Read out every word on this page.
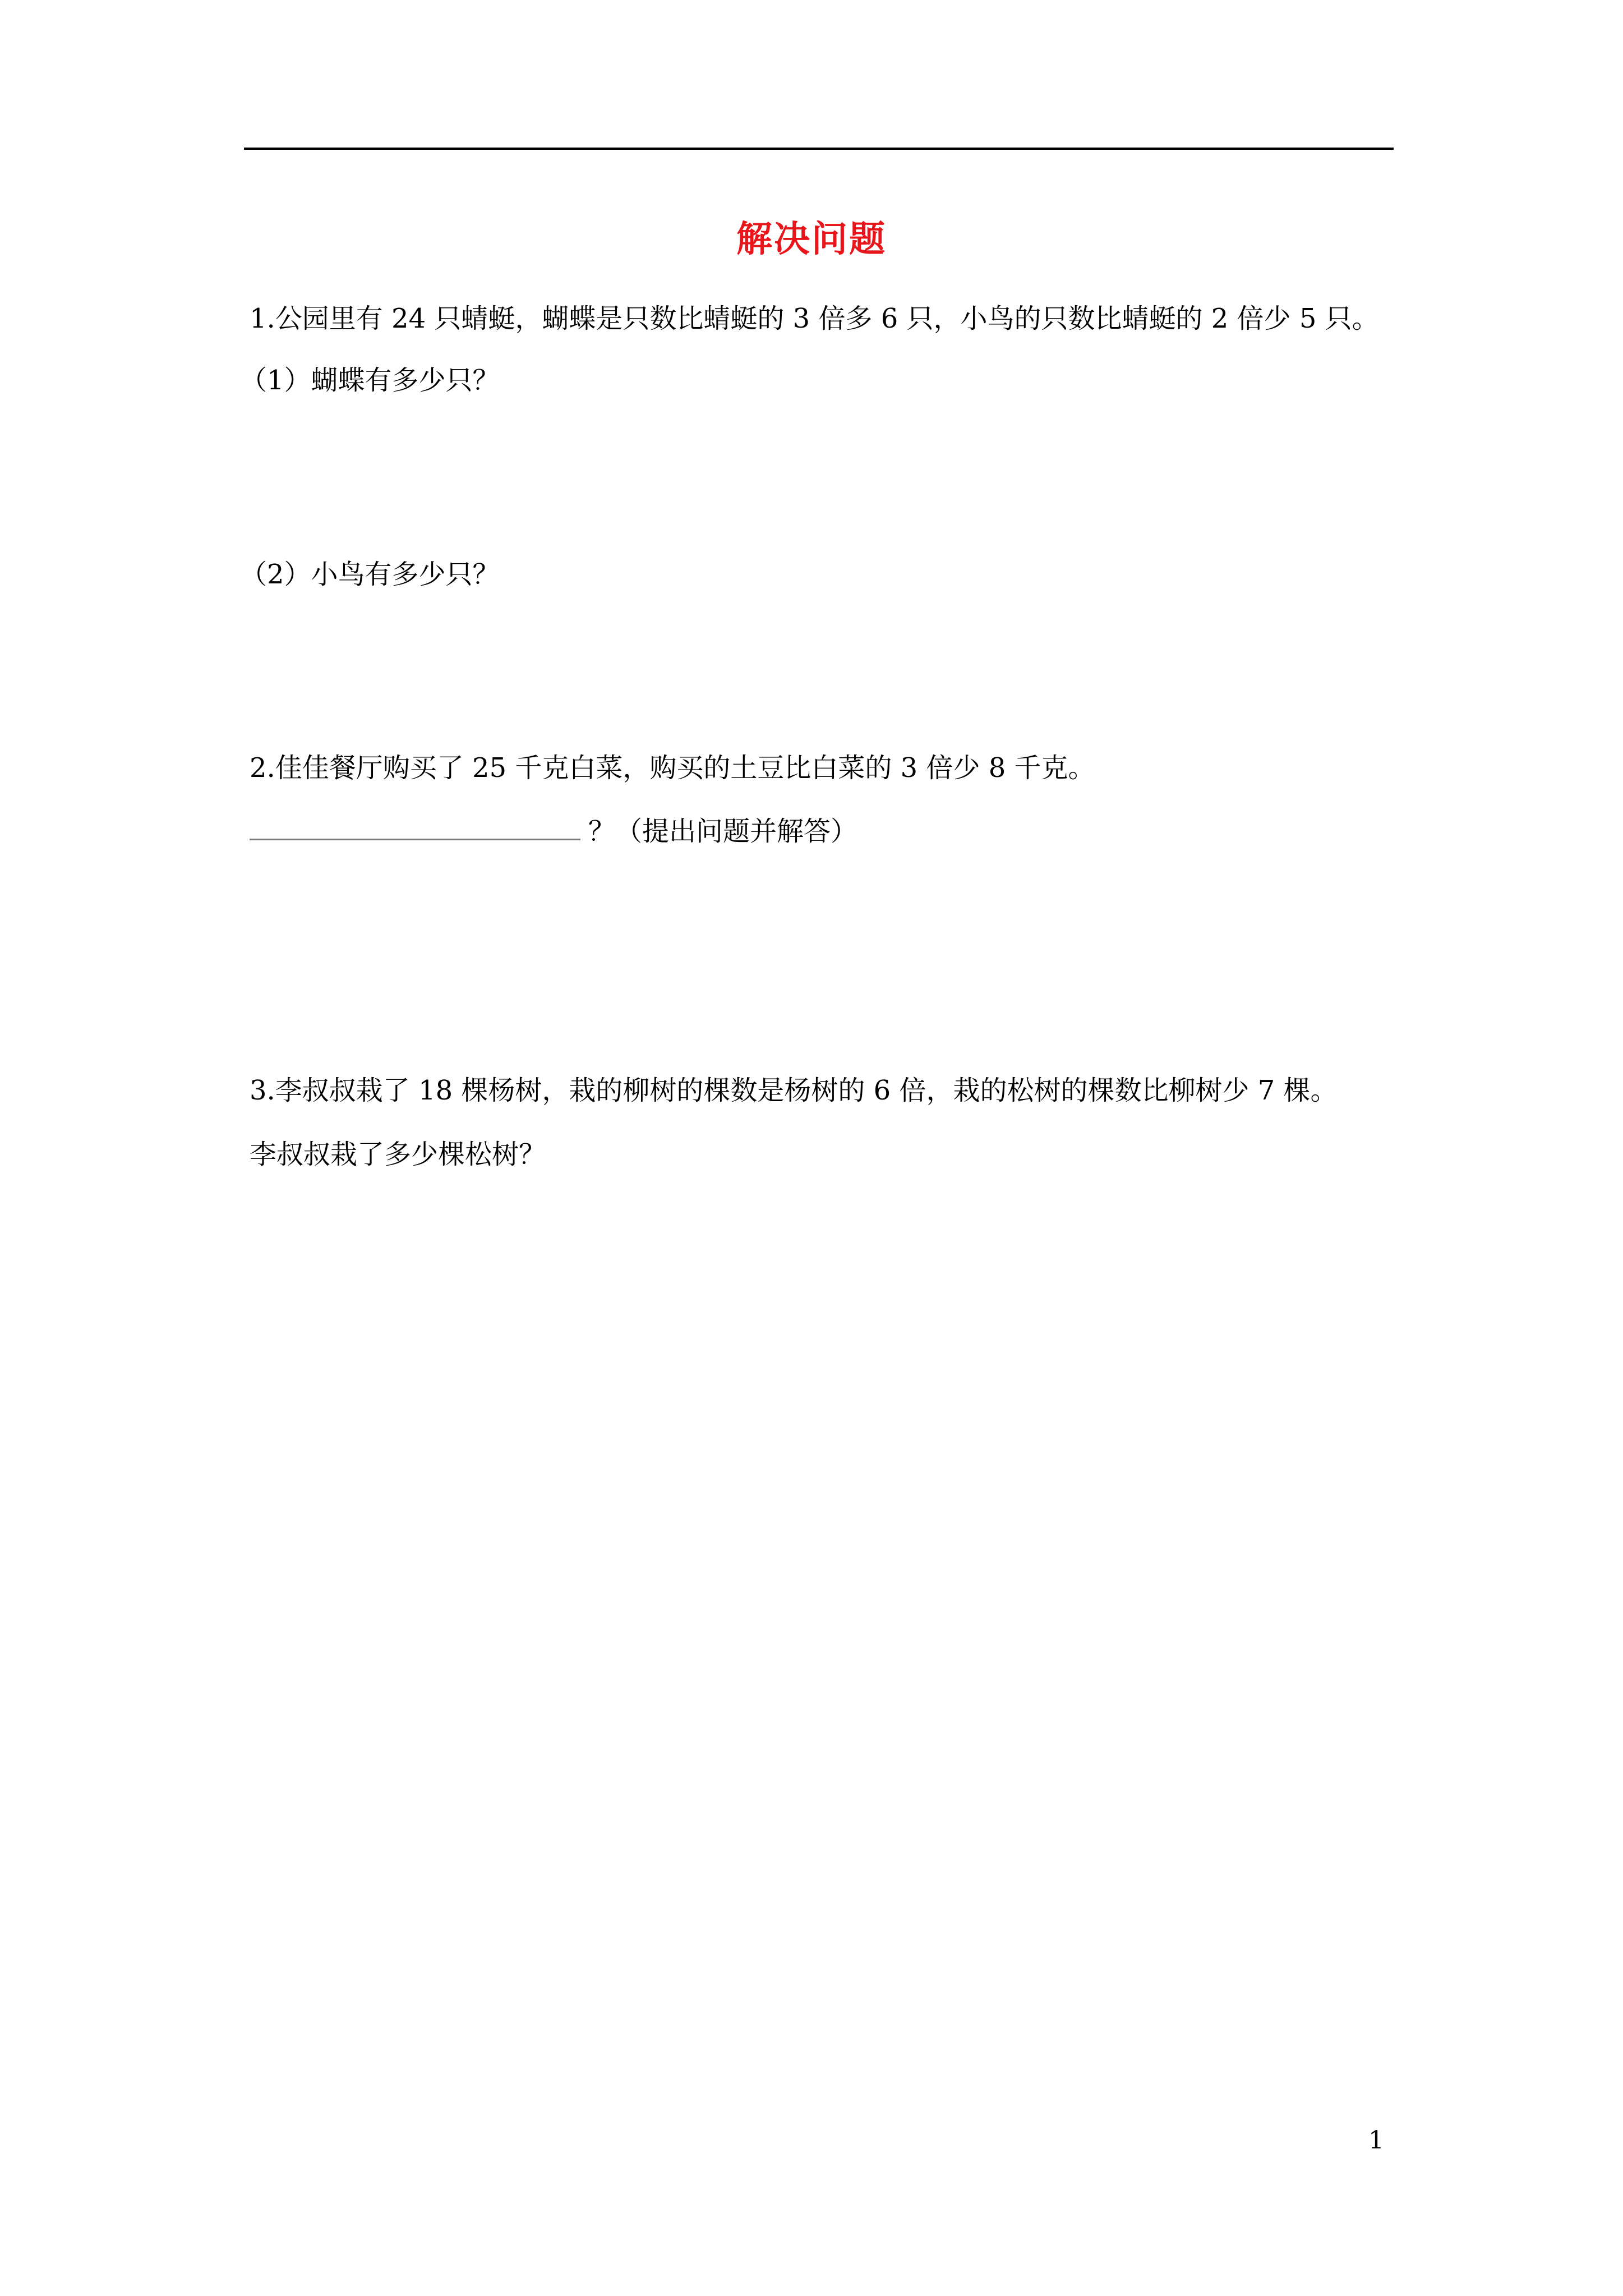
解决问题
1.公园里有 24 只蜻蜓，蝴蝶是只数比蜻蜓的 3 倍多 6 只，小鸟的只数比蜻蜓的 2 倍少 5 只。
（1）蝴蝶有多少只？
（2）小鸟有多少只？
2.佳佳餐厅购买了 25 千克白菜，购买的土豆比白菜的 3 倍少 8 千克。
？（提出问题并解答）
3.李叔叔栽了 18 棵杨树，栽的柳树的棵数是杨树的 6 倍，栽的松树的棵数比柳树少 7 棵。
李叔叔栽了多少棵松树？
1
